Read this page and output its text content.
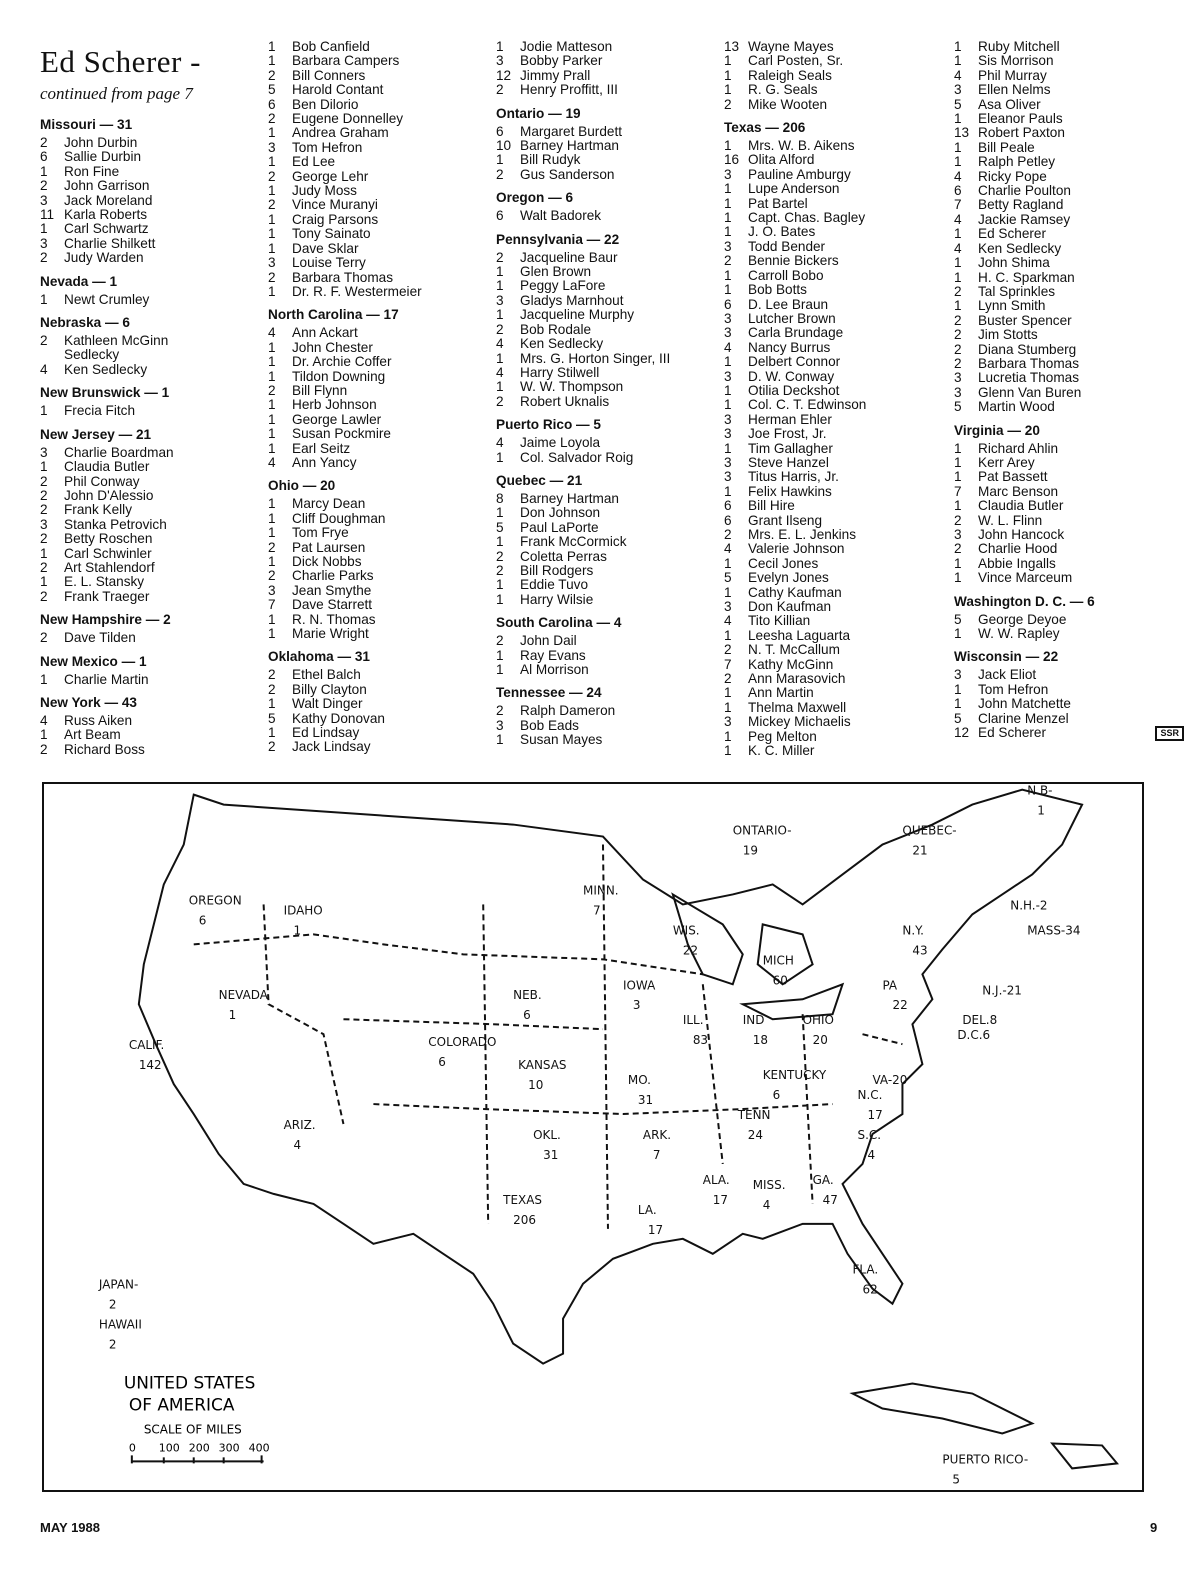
Ed Scherer -
continued from page 7
Missouri — 31
2	John Durbin
6	Sallie Durbin
1	Ron Fine
2	John Garrison
3	Jack Moreland
11 Karla Roberts
1	Carl Schwartz
3	Charlie Shilkett
2	Judy Warden
Nevada — 1
1	Newt Crumley
Nebraska — 6
2	Kathleen McGinn
Sedlecky
4	Ken Sedlecky
New Brunswick — 1
1	Frecia Fitch
New Jersey — 21
3	Charlie Boardman
1	Claudia Butler
2	Phil Conway
2	John D'Alessio
2	Frank Kelly
3	Stanka Petrovich
2	Betty Roschen
1	Carl Schwinler
2	Art Stahlendorf
1	E. L. Stansky
2	Frank Traeger
New Hampshire — 2
2	Dave Tilden
New Mexico — 1
1	Charlie Martin
New York — 43
4	Russ Aiken
1	Art Beam
2	Richard Boss
1	Bob Canfield
1	Barbara Campers
2	Bill Conners
5	Harold Contant
6	Ben Dilorio
2	Eugene Donnelley
1	Andrea Graham
3	Tom Hefron
1	Ed Lee
2	George Lehr
1	Judy Moss
2	Vince Muranyi
1	Craig Parsons
1	Tony Sainato
1	Dave Sklar
3	Louise Terry
2	Barbara Thomas
1	Dr. R. F. Westermeier
North Carolina — 17
4	Ann Ackart
1	John Chester
1	Dr. Archie Coffer
1	Tildon Downing
2	Bill Flynn
1	Herb Johnson
1	George Lawler
1	Susan Pockmire
1	Earl Seitz
4	Ann Yancy
Ohio — 20
1	Marcy Dean
1	Cliff Doughman
1	Tom Frye
2	Pat Laursen
1	Dick Nobbs
2	Charlie Parks
3	Jean Smythe
7	Dave Starrett
1	R. N. Thomas
1	Marie Wright
Oklahoma — 31
2	Ethel Balch
2	Billy Clayton
1	Walt Dinger
5	Kathy Donovan
1	Ed Lindsay
2	Jack Lindsay
1	Jodie Matteson
3	Bobby Parker
12 Jimmy Prall
2	Henry Proffitt, III
Ontario — 19
6	Margaret Burdett
10 Barney Hartman
1	Bill Rudyk
2	Gus Sanderson
Oregon — 6
6	Walt Badorek
Pennsylvania — 22
2	Jacqueline Baur
1	Glen Brown
1	Peggy LaFore
3	Gladys Marnhout
1	Jacqueline Murphy
2	Bob Rodale
4	Ken Sedlecky
1	Mrs. G. Horton Singer, III
4	Harry Stilwell
1	W. W. Thompson
2	Robert Uknalis
Puerto Rico — 5
4	Jaime Loyola
1	Col. Salvador Roig
Quebec — 21
8	Barney Hartman
1	Don Johnson
5	Paul LaPorte
1	Frank McCormick
2	Coletta Perras
2	Bill Rodgers
1	Eddie Tuvo
1	Harry Wilsie
South Carolina — 4
2	John Dail
1	Ray Evans
1	Al Morrison
Tennessee — 24
2	Ralph Dameron
3	Bob Eads
1	Susan Mayes
13 Wayne Mayes
1	Carl Posten, Sr.
1	Raleigh Seals
1	R. G. Seals
2	Mike Wooten
Texas — 206
1	Mrs. W. B. Aikens
16 Olita Alford
3	Pauline Amburgy
1	Lupe Anderson
1	Pat Bartel
1	Capt. Chas. Bagley
1	J. O. Bates
3	Todd Bender
2	Bennie Bickers
1	Carroll Bobo
1	Bob Botts
6	D. Lee Braun
3	Lutcher Brown
3	Carla Brundage
4	Nancy Burrus
1	Delbert Connor
3	D. W. Conway
1	Otilia Deckshot
1	Col. C. T. Edwinson
3	Herman Ehler
3	Joe Frost, Jr.
1	Tim Gallagher
3	Steve Hanzel
3	Titus Harris, Jr.
1	Felix Hawkins
6	Bill Hire
6	Grant Ilseng
2	Mrs. E. L. Jenkins
4	Valerie Johnson
1	Cecil Jones
5	Evelyn Jones
1	Cathy Kaufman
3	Don Kaufman
4	Tito Killian
1	Leesha Laguarta
2	N. T. McCallum
7	Kathy McGinn
2	Ann Marasovich
1	Ann Martin
1	Thelma Maxwell
3	Mickey Michaelis
1	Peg Melton
1	K. C. Miller
1	Ruby Mitchell
1	Sis Morrison
4	Phil Murray
3	Ellen Nelms
5	Asa Oliver
1	Eleanor Pauls
13 Robert Paxton
1	Bill Peale
1	Ralph Petley
4	Ricky Pope
6	Charlie Poulton
7	Betty Ragland
4	Jackie Ramsey
1	Ed Scherer
4	Ken Sedlecky
1	John Shima
1	H. C. Sparkman
2	Tal Sprinkles
1	Lynn Smith
2	Buster Spencer
2	Jim Stotts
2	Diana Stumberg
2	Barbara Thomas
3	Lucretia Thomas
3	Glenn Van Buren
5	Martin Wood
Virginia — 20
1	Richard Ahlin
1	Kerr Arey
1	Pat Bassett
7	Marc Benson
1	Claudia Butler
2	W. L. Flinn
3	John Hancock
2	Charlie Hood
1	Abbie Ingalls
1	Vince Marceum
Washington D. C. — 6
5	George Deyoe
1	W. W. Rapley
Wisconsin — 22
3	Jack Eliot
1	Tom Hefron
1	John Matchette
5	Clarine Menzel
12 Ed Scherer	SSR
OREGON
6
IDAHO
1
NEVADA
1
CALIF.
142
ARIZ.
4
COLORADO
6
MINN.
7
WIS.
22
MICH
60
NEB.
6
IOWA
3
KANSAS
10
ILL.
83
IND
18
OHIO
20
PA
22
N.Y.
43
MO.
31
KENTUCKY
6
OKL.
31
ARK.
7
TENN
24
N.C.
17
S.C.
4
TEXAS
206
LA.
17
ALA.
17
MISS.
4
GA.
47
FLA.
62
ONTARIO-
19
QUEBEC-
21
N.B-
1
N.H.-2
MASS-34
N.J.-21
DEL.8
D.C.6
VA-20
JAPAN-
2
HAWAII
2
PUERTO RICO-
5
UNITED STATES
OF AMERICA
SCALE OF MILES
0 100 200 300 400
MAY 1988	9
